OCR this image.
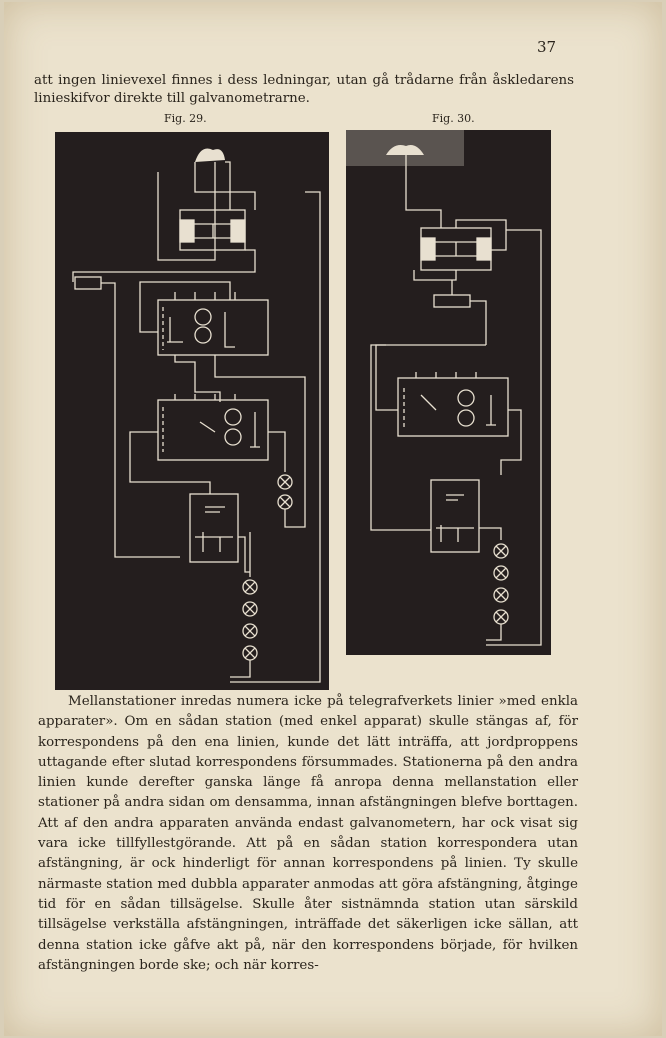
37
att ingen linievexel finnes i dess ledningar, utan gå trådarne från åskledarens linieskifvor direkte till galvanometrarne.
Fig. 29.	Fig. 30.

Mellanstationer inredas numera icke på telegrafverkets linier »med enkla apparater». Om en sådan station (med enkel apparat) skulle stängas af, för korrespondens på den ena linien, kunde det lätt inträffa, att jordproppens uttagande efter slutad korrespondens försummades. Stationerna på den andra linien kunde derefter ganska länge få anropa denna mellanstation eller stationer på andra sidan om densamma, innan afstängningen blefve borttagen. Att af den andra apparaten använda endast galvanometern, har ock visat sig vara icke tillfyllestgörande. Att på en sådan station korrespondera utan afstängning, är ock hinderligt för annan korrespondens på linien. Ty skulle närmaste station med dubbla apparater anmodas att göra afstängning, åtginge tid för en sådan tillsägelse. Skulle åter sistnämnda station utan särskild tillsägelse verkställa afstängningen, inträffade det säkerligen icke sällan, att denna station icke gåfve akt på, när den korrespondens började, för hvilken afstängningen borde ske; och när korres-
